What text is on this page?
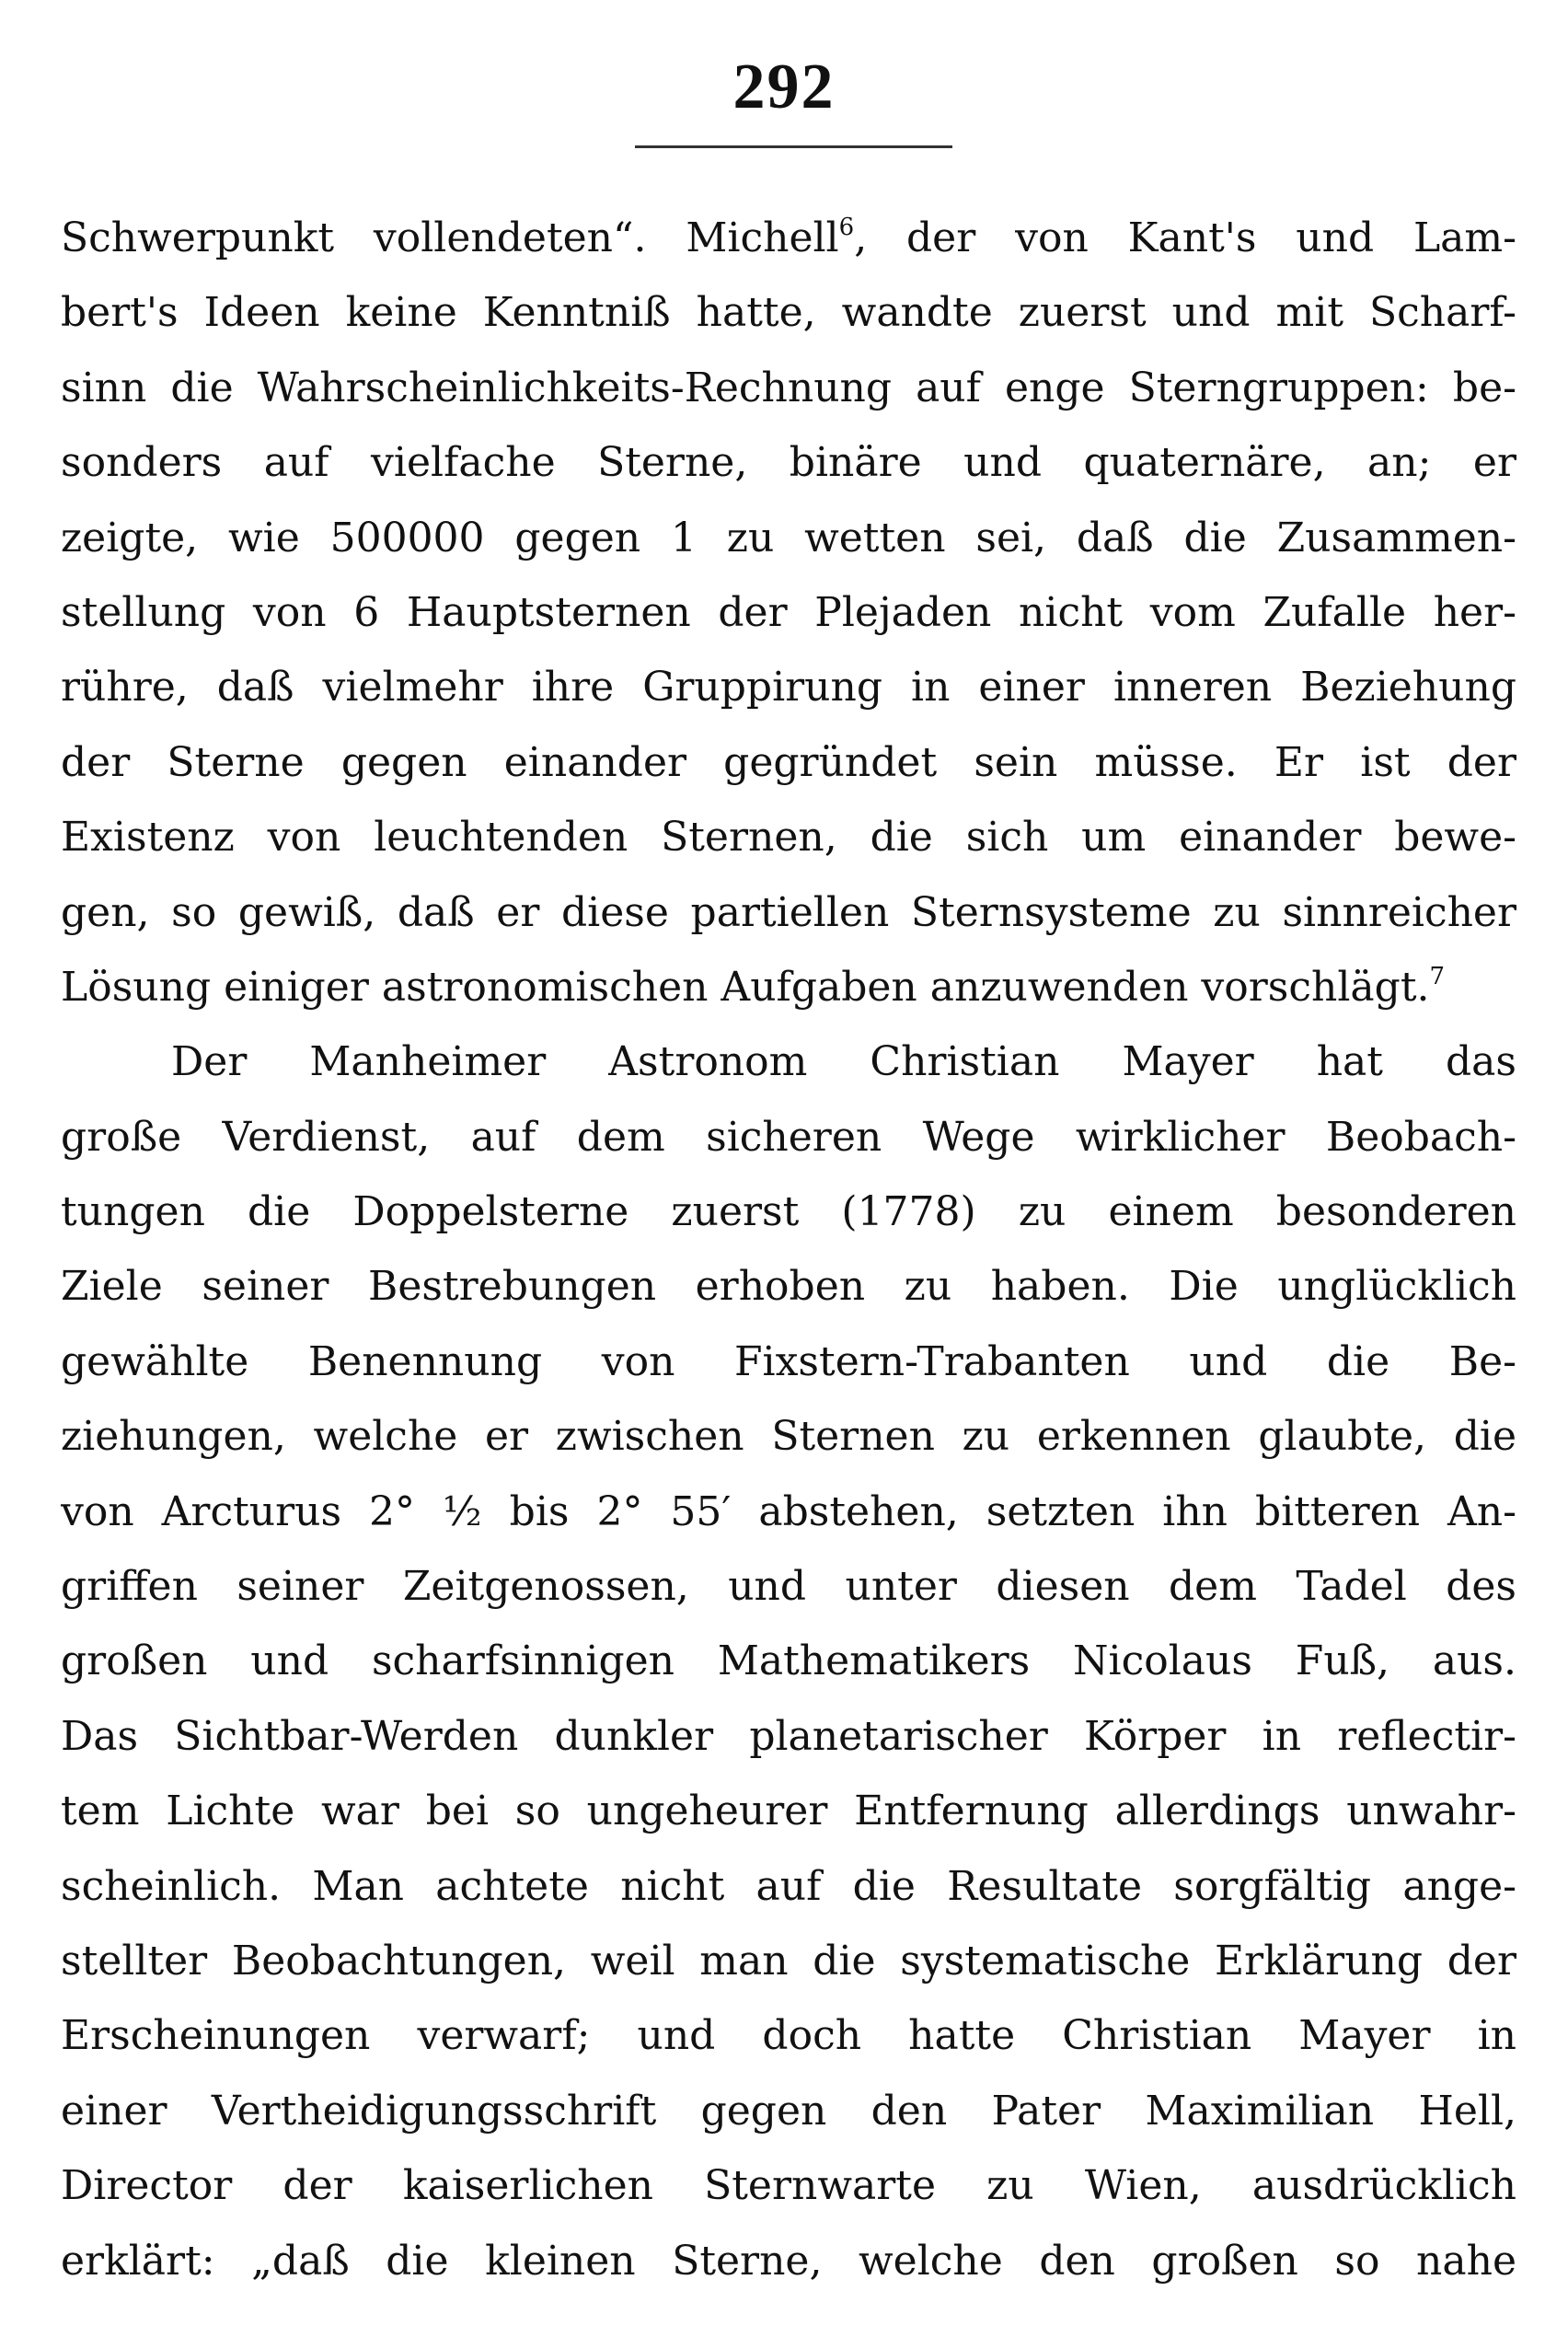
292
Schwerpunkt vollendeten“. Michell$^6$, der von Kant's und Lam-
bert's Ideen keine Kenntniß hatte, wandte zuerst und mit Scharf-
sinn die Wahrscheinlichkeits-Rechnung auf enge Sterngruppen: be-
sonders auf vielfache Sterne, binäre und quaternäre, an; er
zeigte, wie 500000 gegen 1 zu wetten sei, daß die Zusammen-
stellung von 6 Hauptsternen der Plejaden nicht vom Zufalle her-
rühre, daß vielmehr ihre Gruppirung in einer inneren Beziehung
der Sterne gegen einander gegründet sein müsse. Er ist der
Existenz von leuchtenden Sternen, die sich um einander bewe-
gen, so gewiß, daß er diese partiellen Sternsysteme zu sinnreicher
Lösung einiger astronomischen Aufgaben anzuwenden vorschlägt.$^7$
Der Manheimer Astronom Christian Mayer hat das
große Verdienst, auf dem sicheren Wege wirklicher Beobach-
tungen die Doppelsterne zuerst (1778) zu einem besonderen
Ziele seiner Bestrebungen erhoben zu haben. Die unglücklich
gewählte Benennung von Fixstern-Trabanten und die Be-
ziehungen, welche er zwischen Sternen zu erkennen glaubte, die
von Arcturus 2° ½ bis 2° 55′ abstehen, setzten ihn bitteren An-
griffen seiner Zeitgenossen, und unter diesen dem Tadel des
großen und scharfsinnigen Mathematikers Nicolaus Fuß, aus.
Das Sichtbar-Werden dunkler planetarischer Körper in reflectir-
tem Lichte war bei so ungeheurer Entfernung allerdings unwahr-
scheinlich. Man achtete nicht auf die Resultate sorgfältig ange-
stellter Beobachtungen, weil man die systematische Erklärung der
Erscheinungen verwarf; und doch hatte Christian Mayer in
einer Vertheidigungsschrift gegen den Pater Maximilian Hell,
Director der kaiserlichen Sternwarte zu Wien, ausdrücklich
erklärt: „daß die kleinen Sterne, welche den großen so nahe
